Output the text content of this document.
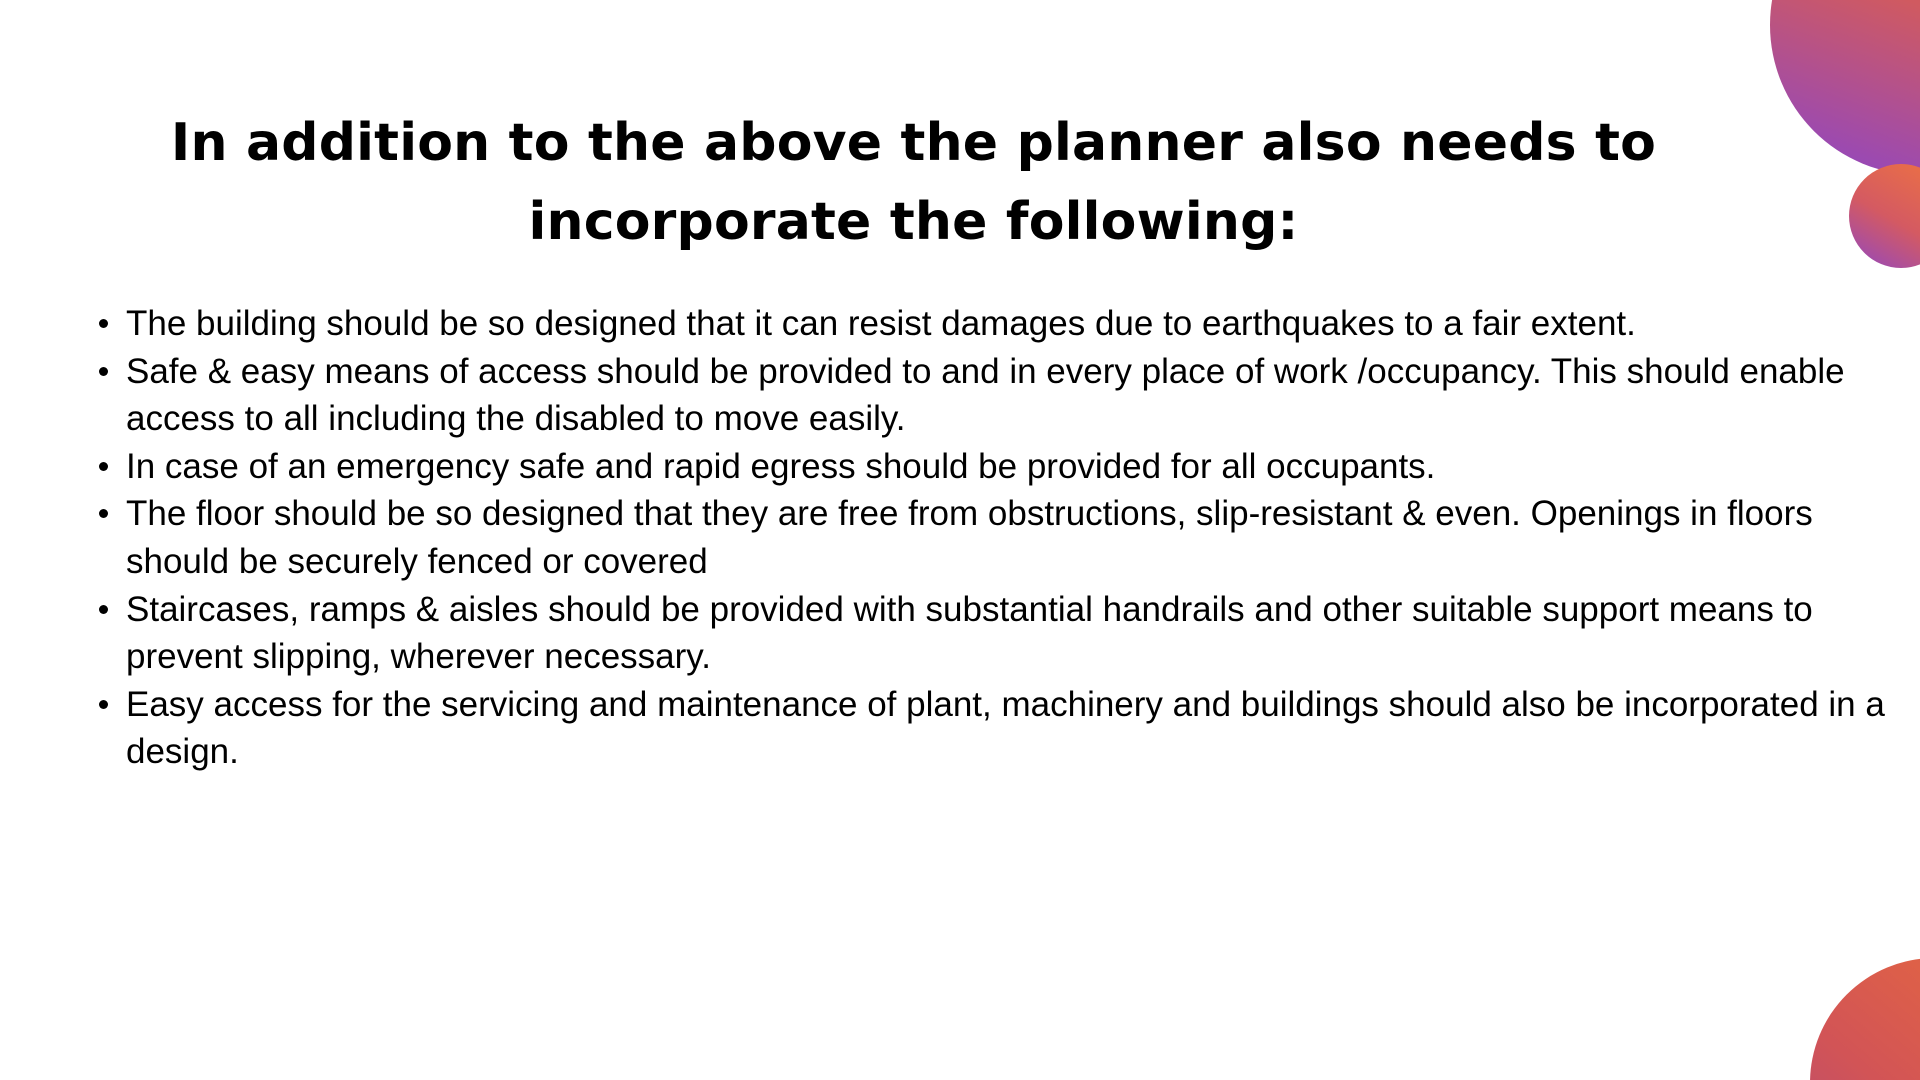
In addition to the above the planner also needs to incorporate the following:
The building should be so designed that it can resist damages due to earthquakes to a fair extent.
Safe & easy means of access should be provided to and in every place of work /occupancy. This should enable access to all including the disabled to move easily.
In case of an emergency safe and rapid egress should be provided for all occupants.
The floor should be so designed that they are free from obstructions, slip-resistant & even. Openings in floors should be securely fenced or covered
Staircases, ramps & aisles should be provided with substantial handrails and other suitable support means to prevent slipping, wherever necessary.
Easy access for the servicing and maintenance of plant, machinery and buildings should also be incorporated in a design.
